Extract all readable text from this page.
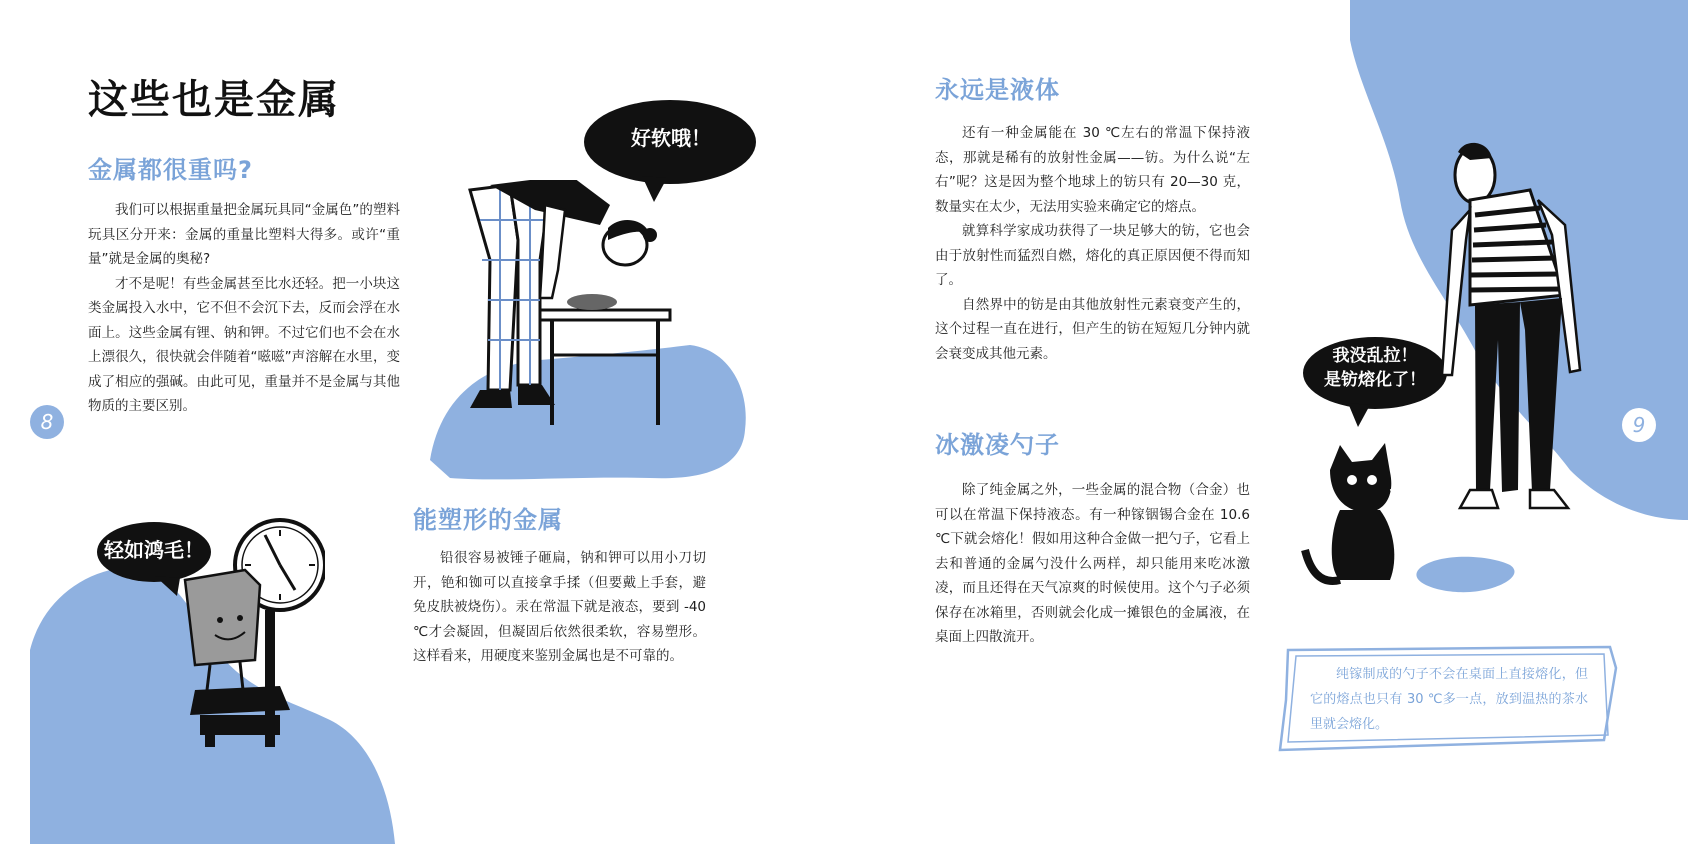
这些也是金属
金属都很重吗?

我们可以根据重量把金属玩具同“金属色”的塑料玩具区分开来：金属的重量比塑料大得多。或许“重量”就是金属的奥秘?

才不是呢！有些金属甚至比水还轻。把一小块这类金属投入水中，它不但不会沉下去，反而会浮在水面上。这些金属有锂、钠和钾。不过它们也不会在水上漂很久，很快就会伴随着“嗞嗞”声溶解在水里，变成了相应的强碱。由此可见，重量并不是金属与其他物质的主要区别。

8
好软哦！
能塑形的金属

铅很容易被锤子砸扁，钠和钾可以用小刀切开，铯和铷可以直接拿手揉（但要戴上手套，避免皮肤被烧伤）。汞在常温下就是液态，要到 -40 ℃才会凝固，但凝固后依然很柔软，容易塑形。这样看来，用硬度来鉴别金属也是不可靠的。

轻如鸿毛！
永远是液体

还有一种金属能在 30 ℃左右的常温下保持液态，那就是稀有的放射性金属——钫。为什么说“左右”呢？这是因为整个地球上的钫只有 20—30 克，数量实在太少，无法用实验来确定它的熔点。

就算科学家成功获得了一块足够大的钫，它也会由于放射性而猛烈自燃，熔化的真正原因便不得而知了。

自然界中的钫是由其他放射性元素衰变产生的，这个过程一直在进行，但产生的钫在短短几分钟内就会衰变成其他元素。

冰激凌勺子

除了纯金属之外，一些金属的混合物（合金）也可以在常温下保持液态。有一种镓铟锡合金在 10.6 ℃下就会熔化！假如用这种合金做一把勺子，它看上去和普通的金属勺没什么两样，却只能用来吃冰激凌，而且还得在天气凉爽的时候使用。这个勺子必须保存在冰箱里，否则就会化成一摊银色的金属液，在桌面上四散流开。

我没乱拉！
是钫熔化了！
9

纯镓制成的勺子不会在桌面上直接熔化，但它的熔点也只有 30 ℃多一点，放到温热的茶水里就会熔化。
